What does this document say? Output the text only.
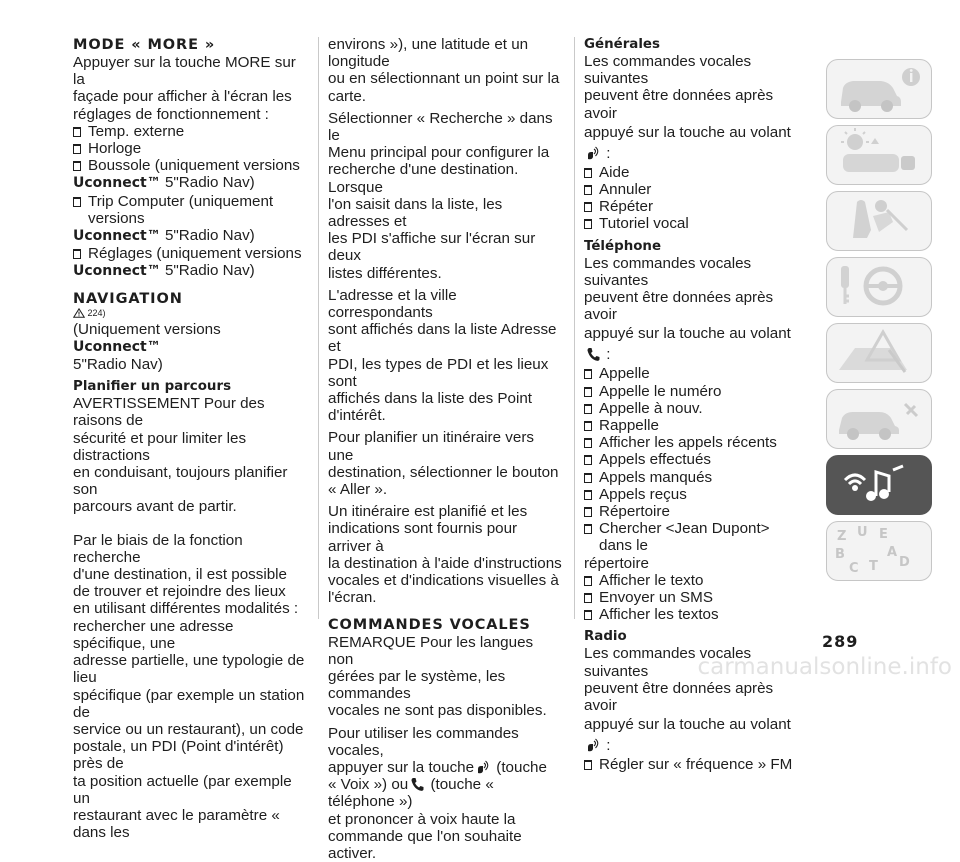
MODE « MORE »

Appuyer sur la touche MORE sur la

façade pour afficher à l'écran les

réglages de fonctionnement :

Temp. externe

Horloge

Boussole (uniquement versions

Uconnect™ 5"Radio Nav)

Trip Computer (uniquement versions

Uconnect™ 5"Radio Nav)

Réglages (uniquement versions

Uconnect™ 5"Radio Nav)

NAVIGATION

224)

(Uniquement versions Uconnect™

5"Radio Nav)

Planifier un parcours

AVERTISSEMENT Pour des raisons de

sécurité et pour limiter les distractions

en conduisant, toujours planifier son

parcours avant de partir.

Par le biais de la fonction recherche

d'une destination, il est possible

de trouver et rejoindre des lieux

en utilisant différentes modalités :

rechercher une adresse spécifique, une

adresse partielle, une typologie de lieu

spécifique (par exemple un station de

service ou un restaurant), un code

postale, un PDI (Point d'intérêt) près de

ta position actuelle (par exemple un

restaurant avec le paramètre « dans les

environs »), une latitude et un longitude

ou en sélectionnant un point sur la

carte.

Sélectionner « Recherche » dans le

Menu principal pour configurer la

recherche d'une destination. Lorsque

l'on saisit dans la liste, les adresses et

les PDI s'affiche sur l'écran sur deux

listes différentes.

L'adresse et la ville correspondants

sont affichés dans la liste Adresse et

PDI, les types de PDI et les lieux sont

affichés dans la liste des Point d'intérêt.

Pour planifier un itinéraire vers une

destination, sélectionner le bouton

« Aller ».

Un itinéraire est planifié et les

indications sont fournis pour arriver à

la destination à l'aide d'instructions

vocales et d'indications visuelles à

l'écran.

COMMANDES VOCALES

REMARQUE Pour les langues non

gérées par le système, les commandes

vocales ne sont pas disponibles.

Pour utiliser les commandes vocales,

appuyer sur la touche (touche

« Voix ») ou (touche « téléphone »)

et prononcer à voix haute la

commande que l'on souhaite activer.

Générales

Les commandes vocales suivantes

peuvent être données après avoir

appuyé sur la touche au volant :

Aide

Annuler

Répéter

Tutoriel vocal

Téléphone

Les commandes vocales suivantes

peuvent être données après avoir

appuyé sur la touche au volant :

Appelle

Appelle le numéro

Appelle à nouv.

Rappelle

Afficher les appels récents

Appels effectués

Appels manqués

Appels reçus

Répertoire

Chercher <Jean Dupont> dans le

répertoire

Afficher le texto

Envoyer un SMS

Afficher les textos

Radio

Les commandes vocales suivantes

peuvent être données après avoir

appuyé sur la touche au volant :

Régler sur « fréquence » FM

Z U E
B	A
D
C T
289
carmanualsonline.info
